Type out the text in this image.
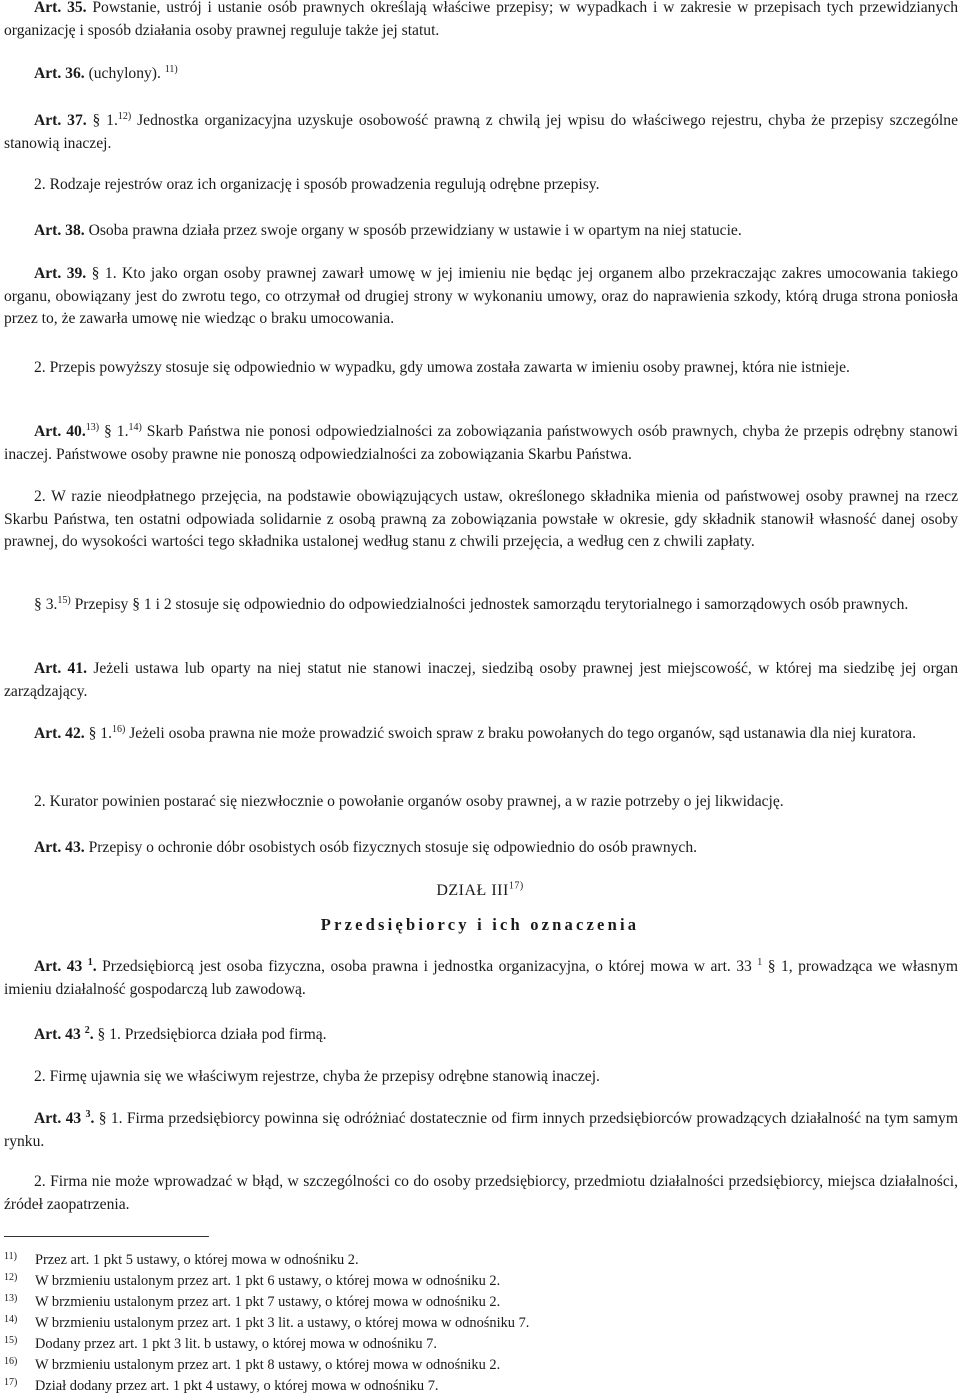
Art. 35. Powstanie, ustrój i ustanie osób prawnych określają właściwe przepisy; w wypadkach i w zakresie w przepisach tych przewidzianych organizację i sposób działania osoby prawnej reguluje także jej statut.

Art. 36. (uchylony). $^{11)}$

Art. 37. § 1.$^{12)}$ Jednostka organizacyjna uzyskuje osobowość prawną z chwilą jej wpisu do właściwego rejestru, chyba że przepisy szczególne stanowią inaczej.

2. Rodzaje rejestrów oraz ich organizację i sposób prowadzenia regulują odrębne przepisy.

Art. 38. Osoba prawna działa przez swoje organy w sposób przewidziany w ustawie i w opartym na niej statucie.

Art. 39. § 1. Kto jako organ osoby prawnej zawarł umowę w jej imieniu nie będąc jej organem albo przekraczając zakres umocowania takiego organu, obowiązany jest do zwrotu tego, co otrzymał od drugiej strony w wykonaniu umowy, oraz do naprawienia szkody, którą druga strona poniosła przez to, że zawarła umowę nie wiedząc o braku umocowania.

2. Przepis powyższy stosuje się odpowiednio w wypadku, gdy umowa została zawarta w imieniu osoby prawnej, która nie istnieje.

Art. 40.$^{13)}$ § 1.$^{14)}$ Skarb Państwa nie ponosi odpowiedzialności za zobowiązania państwowych osób prawnych, chyba że przepis odrębny stanowi inaczej. Państwowe osoby prawne nie ponoszą odpowiedzialności za zobowiązania Skarbu Państwa.

2. W razie nieodpłatnego przejęcia, na podstawie obowiązujących ustaw, określonego składnika mienia od państwowej osoby prawnej na rzecz Skarbu Państwa, ten ostatni odpowiada solidarnie z osobą prawną za zobowiązania powstałe w okresie, gdy składnik stanowił własność danej osoby prawnej, do wysokości wartości tego składnika ustalonej według stanu z chwili przejęcia, a według cen z chwili zapłaty.

§ 3.$^{15)}$ Przepisy § 1 i 2 stosuje się odpowiednio do odpowiedzialności jednostek samorządu terytorialnego i samorządowych osób prawnych.

Art. 41. Jeżeli ustawa lub oparty na niej statut nie stanowi inaczej, siedzibą osoby prawnej jest miejscowość, w której ma siedzibę jej organ zarządzający.

Art. 42. § 1.$^{16)}$ Jeżeli osoba prawna nie może prowadzić swoich spraw z braku powołanych do tego organów, sąd ustanawia dla niej kuratora.

2. Kurator powinien postarać się niezwłocznie o powołanie organów osoby prawnej, a w razie potrzeby o jej likwidację.

Art. 43. Przepisy o ochronie dóbr osobistych osób fizycznych stosuje się odpowiednio do osób prawnych.

DZIAŁ III$^{17)}$

Przedsiębiorcy i ich oznaczenia

Art. 43 $^1$. Przedsiębiorcą jest osoba fizyczna, osoba prawna i jednostka organizacyjna, o której mowa w art. 33 $^1$ § 1, prowadząca we własnym imieniu działalność gospodarczą lub zawodową.

Art. 43 $^2$. § 1. Przedsiębiorca działa pod firmą.

2. Firmę ujawnia się we właściwym rejestrze, chyba że przepisy odrębne stanowią inaczej.

Art. 43 $^3$. § 1. Firma przedsiębiorcy powinna się odróżniać dostatecznie od firm innych przedsiębiorców prowadzących działalność na tym samym rynku.

2. Firma nie może wprowadzać w błąd, w szczególności co do osoby przedsiębiorcy, przedmiotu działalności przedsiębiorcy, miejsca działalności, źródeł zaopatrzenia.

11) Przez art. 1 pkt 5 ustawy, o której mowa w odnośniku 2.

12) W brzmieniu ustalonym przez art. 1 pkt 6 ustawy, o której mowa w odnośniku 2.

13) W brzmieniu ustalonym przez art. 1 pkt 7 ustawy, o której mowa w odnośniku 2.

14) W brzmieniu ustalonym przez art. 1 pkt 3 lit. a ustawy, o której mowa w odnośniku 7.

15) Dodany przez art. 1 pkt 3 lit. b ustawy, o której mowa w odnośniku 7.

16) W brzmieniu ustalonym przez art. 1 pkt 8 ustawy, o której mowa w odnośniku 2.

17) Dział dodany przez art. 1 pkt 4 ustawy, o której mowa w odnośniku 7.
